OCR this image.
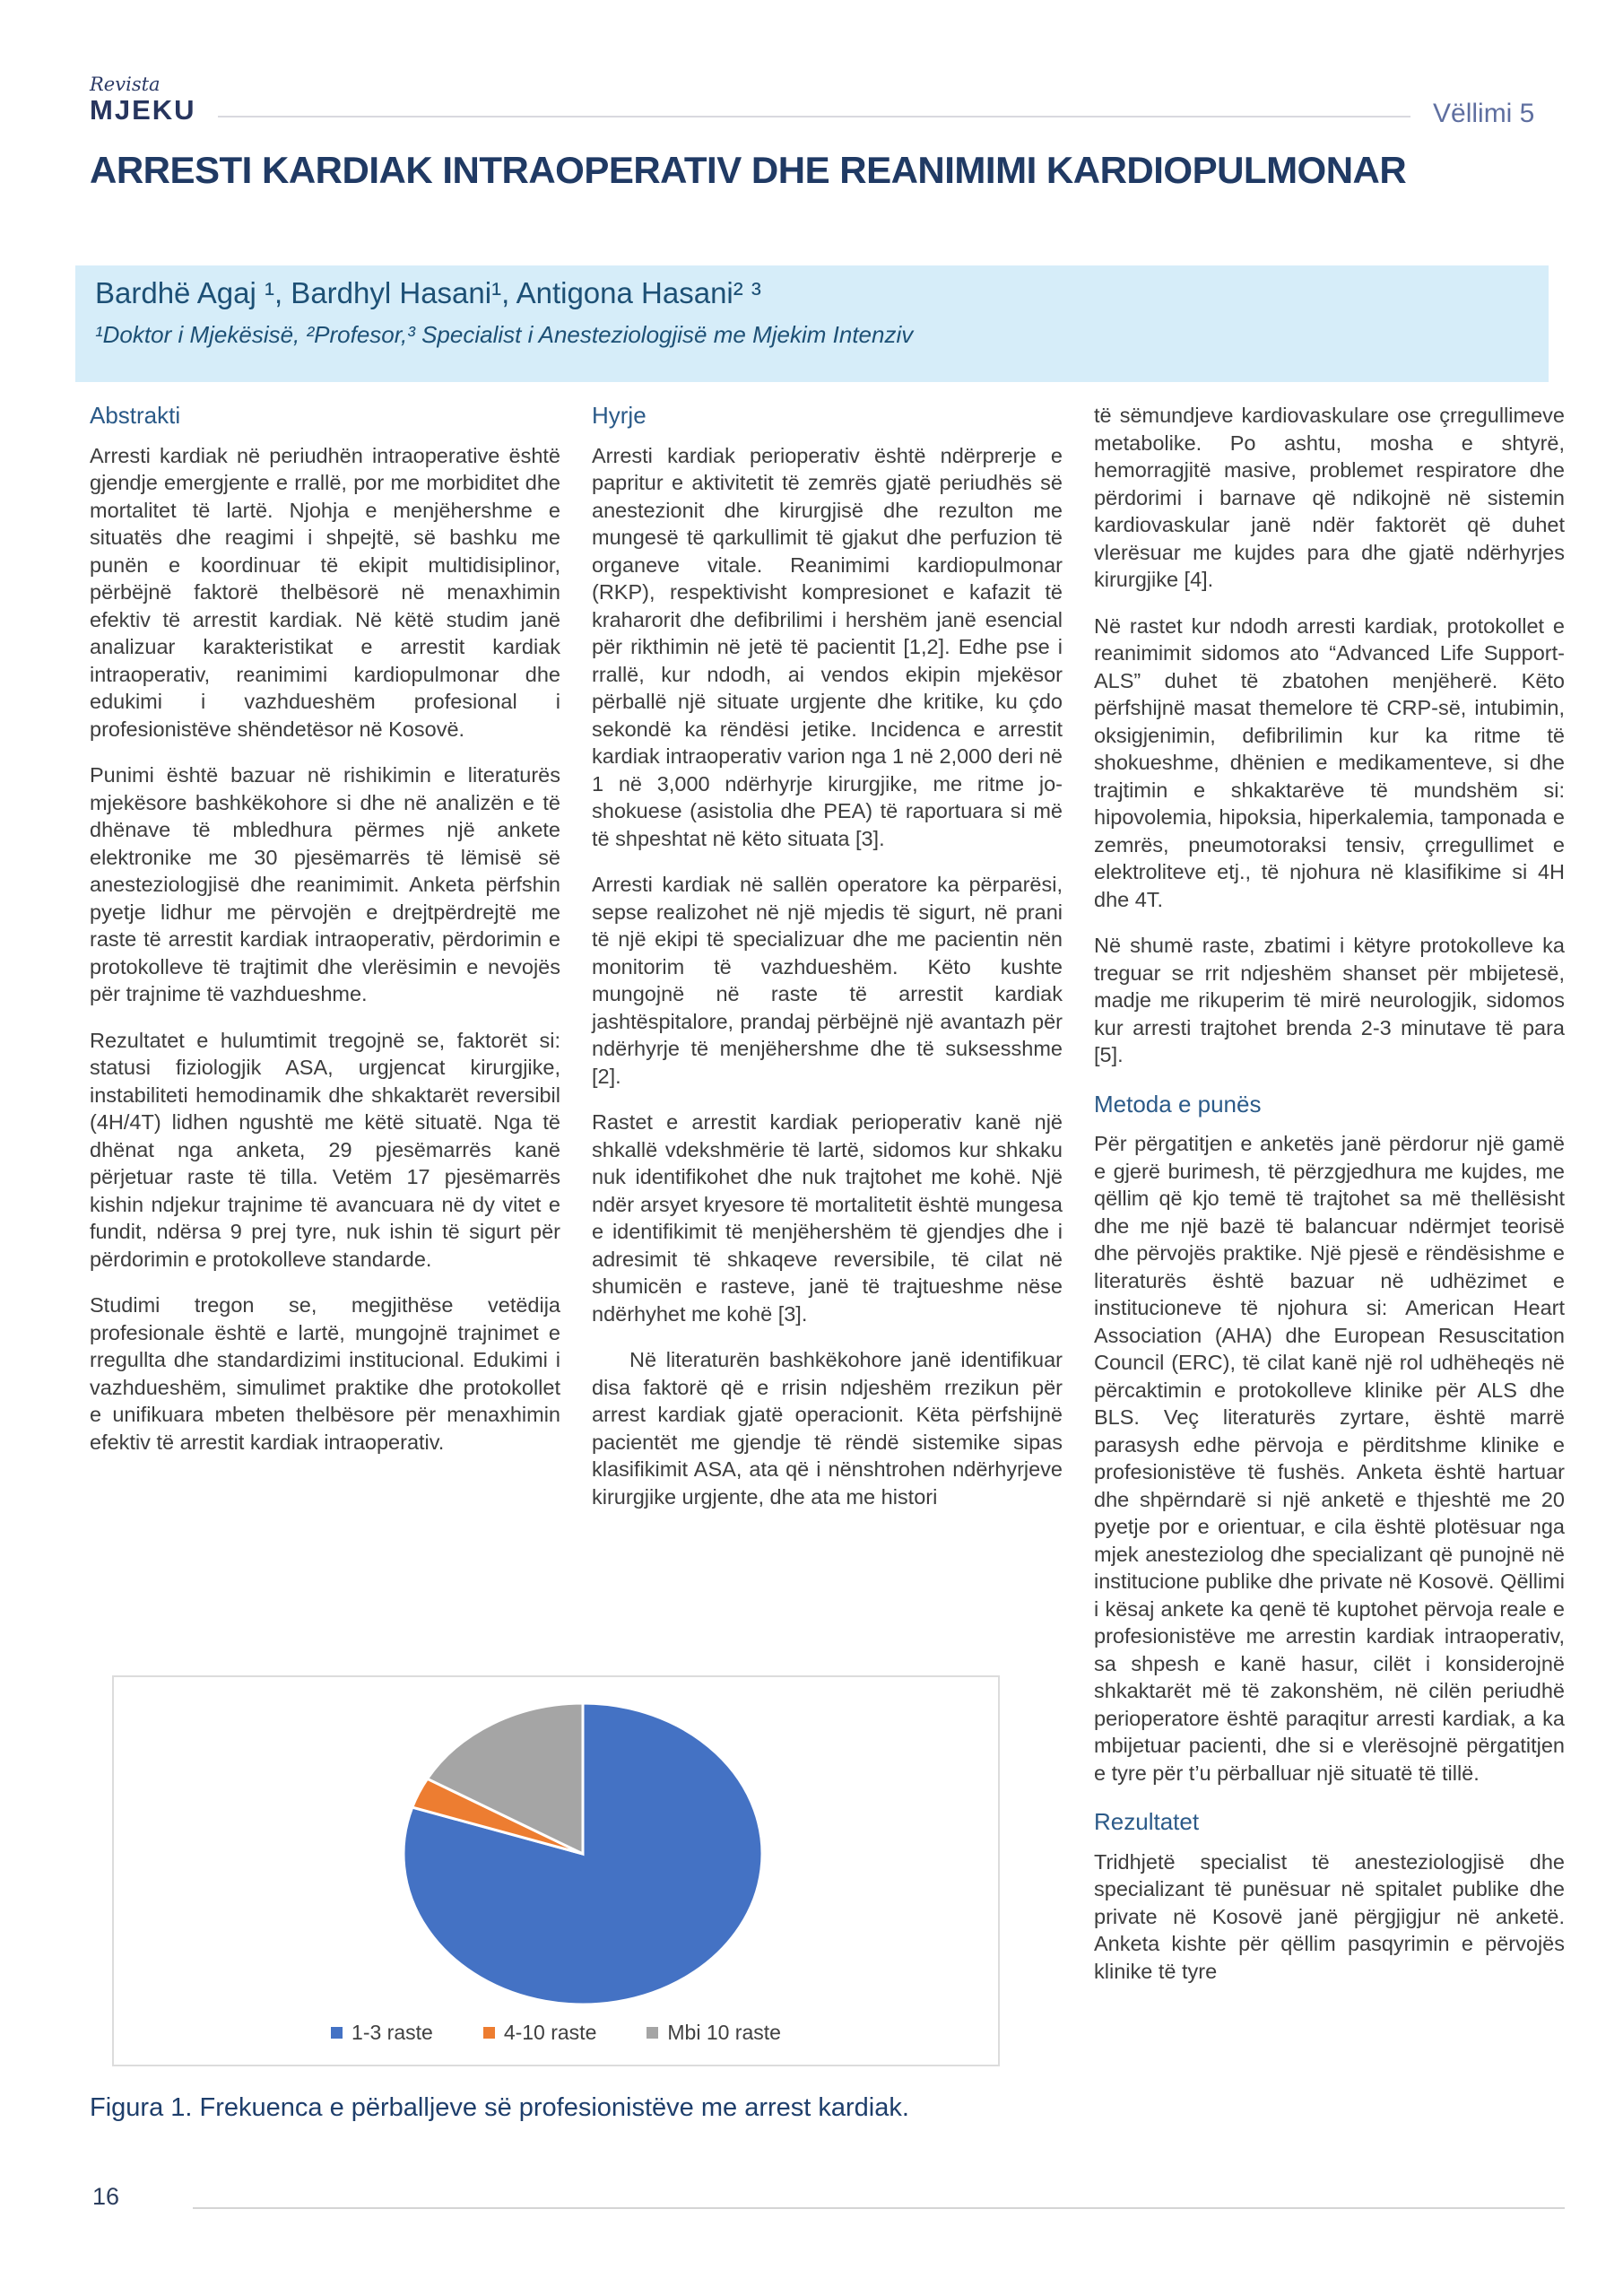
Revista
MJEKU	Vëllimi 5
ARRESTI KARDIAK INTRAOPERATIV DHE REANIMIMI KARDIOPULMONAR
Bardhë Agaj ¹, Bardhyl Hasani¹, Antigona Hasani² ³
¹Doktor i Mjekësisë, ²Profesor,³ Specialist i Anesteziologjisë me Mjekim Intenziv
Abstrakti
Arresti kardiak në periudhën intraoperative është gjendje emergjente e rrallë, por me morbiditet dhe mortalitet të lartë. Njohja e menjëhershme e situatës dhe reagimi i shpejtë, së bashku me punën e koordinuar të ekipit multidisiplinor, përbëjnë faktorë thelbësorë në menaxhimin efektiv të arrestit kardiak. Në këtë studim janë analizuar karakteristikat e arrestit kardiak intraoperativ, reanimimi kardiopulmonar dhe edukimi i vazhdueshëm profesional i profesionistëve shëndetësor në Kosovë.
Punimi është bazuar në rishikimin e literaturës mjekësore bashkëkohore si dhe në analizën e të dhënave të mbledhura përmes një ankete elektronike me 30 pjesëmarrës të lëmisë së anesteziologjisë dhe reanimimit. Anketa përfshin pyetje lidhur me përvojën e drejtpërdrejtë me raste të arrestit kardiak intraoperativ, përdorimin e protokolleve të trajtimit dhe vlerësimin e nevojës për trajnime të vazhdueshme.
Rezultatet e hulumtimit tregojnë se, faktorët si: statusi fiziologjik ASA, urgjencat kirurgjike, instabiliteti hemodinamik dhe shkaktarët reversibil (4H/4T) lidhen ngushtë me këtë situatë. Nga të dhënat nga anketa, 29 pjesëmarrës kanë përjetuar raste të tilla. Vetëm 17 pjesëmarrës kishin ndjekur trajnime të avancuara në dy vitet e fundit, ndërsa 9 prej tyre, nuk ishin të sigurt për përdorimin e protokolleve standarde.
Studimi tregon se, megjithëse vetëdija profesionale është e lartë, mungojnë trajnimet e rregullta dhe standardizimi institucional. Edukimi i vazhdueshëm, simulimet praktike dhe protokollet e unifikuara mbeten thelbësore për menaxhimin efektiv të arrestit kardiak intraoperativ.
Hyrje
Arresti kardiak perioperativ është ndërprerje e papritur e aktivitetit të zemrës gjatë periudhës së anestezionit dhe kirurgjisë dhe rezulton me mungesë të qarkullimit të gjakut dhe perfuzion të organeve vitale. Reanimimi kardiopulmonar (RKP), respektivisht kompresionet e kafazit të kraharorit dhe defibrilimi i hershëm janë esencial për rikthimin në jetë të pacientit [1,2]. Edhe pse i rrallë, kur ndodh, ai vendos ekipin mjekësor përballë një situate urgjente dhe kritike, ku çdo sekondë ka rëndësi jetike. Incidenca e arrestit kardiak intraoperativ varion nga 1 në 2,000 deri në 1 në 3,000 ndërhyrje kirurgjike, me ritme jo-shokuese (asistolia dhe PEA) të raportuara si më të shpeshtat në këto situata [3].
Arresti kardiak në sallën operatore ka përparësi, sepse realizohet në një mjedis të sigurt, në prani të një ekipi të specializuar dhe me pacientin nën monitorim të vazhdueshëm. Këto kushte mungojnë në raste të arrestit kardiak jashtëspitalore, prandaj përbëjnë një avantazh për ndërhyrje të menjëhershme dhe të suksesshme [2].
Rastet e arrestit kardiak perioperativ kanë një shkallë vdekshmërie të lartë, sidomos kur shkaku nuk identifikohet dhe nuk trajtohet me kohë. Një ndër arsyet kryesore të mortalitetit është mungesa e identifikimit të menjëhershëm të gjendjes dhe i adresimit të shkaqeve reversibile, të cilat në shumicën e rasteve, janë të trajtueshme nëse ndërhyhet me kohë [3].
Në literaturën bashkëkohore janë identifikuar disa faktorë që e rrisin ndjeshëm rrezikun për arrest kardiak gjatë operacionit. Këta përfshijnë pacientët me gjendje të rëndë sistemike sipas klasifikimit ASA, ata që i nënshtrohen ndërhyrjeve kirurgjike urgjente, dhe ata me histori
të sëmundjeve kardiovaskulare ose çrregullimeve metabolike. Po ashtu, mosha e shtyrë, hemorragjitë masive, problemet respiratore dhe përdorimi i barnave që ndikojnë në sistemin kardiovaskular janë ndër faktorët që duhet vlerësuar me kujdes para dhe gjatë ndërhyrjes kirurgjike [4].
Në rastet kur ndodh arresti kardiak, protokollet e reanimimit sidomos ato “Advanced Life Support-ALS” duhet të zbatohen menjëherë. Këto përfshijnë masat themelore të CRP-së, intubimin, oksigjenimin, defibrilimin kur ka ritme të shokueshme, dhënien e medikamenteve, si dhe trajtimin e shkaktarëve të mundshëm si: hipovolemia, hipoksia, hiperkalemia, tamponada e zemrës, pneumotoraksi tensiv, çrregullimet e elektroliteve etj., të njohura në klasifikime si 4H dhe 4T.
Në shumë raste, zbatimi i këtyre protokolleve ka treguar se rrit ndjeshëm shanset për mbijetesë, madje me rikuperim të mirë neurologjik, sidomos kur arresti trajtohet brenda 2-3 minutave të para [5].
Metoda e punës
Për përgatitjen e anketës janë përdorur një gamë e gjerë burimesh, të përzgjedhura me kujdes, me qëllim që kjo temë të trajtohet sa më thellësisht dhe me një bazë të balancuar ndërmjet teorisë dhe përvojës praktike. Një pjesë e rëndësishme e literaturës është bazuar në udhëzimet e institucioneve të njohura si: American Heart Association (AHA) dhe European Resuscitation Council (ERC), të cilat kanë një rol udhëheqës në përcaktimin e protokolleve klinike për ALS dhe BLS. Veç literaturës zyrtare, është marrë parasysh edhe përvoja e përditshme klinike e profesionistëve të fushës. Anketa është hartuar dhe shpërndarë si një anketë e thjeshtë me 20 pyetje por e orientuar, e cila është plotësuar nga mjek anesteziolog dhe specializant që punojnë në institucione publike dhe private në Kosovë. Qëllimi i kësaj ankete ka qenë të kuptohet përvoja reale e profesionistëve me arrestin kardiak intraoperativ, sa shpesh e kanë hasur, cilët i konsiderojnë shkaktarët më të zakonshëm, në cilën periudhë perioperatore është paraqitur arresti kardiak, a ka mbijetuar pacienti, dhe si e vlerësojnë përgatitjen e tyre për t’u përballuar një situatë të tillë.
Rezultatet
Tridhjetë specialist të anesteziologjisë dhe specializant të punësuar në spitalet publike dhe private në Kosovë janë përgjigjur në anketë. Anketa kishte për qëllim pasqyrimin e përvojës klinike të tyre
1-3 raste	4-10 raste	Mbi 10 raste
Figura 1. Frekuenca e përballjeve së profesionistëve me arrest kardiak.
16
